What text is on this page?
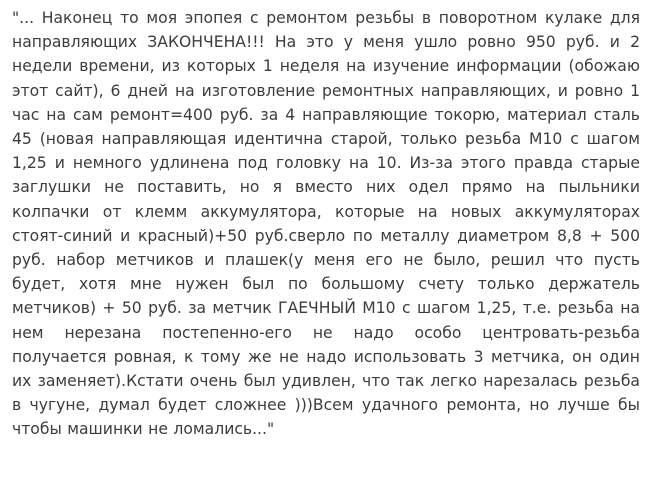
"... Наконец то моя эпопея с ремонтом резьбы в поворотном кулаке для направляющих ЗАКОНЧЕНА!!! На это у меня ушло ровно 950 руб. и 2 недели времени, из которых 1 неделя на изучение информации (обожаю этот сайт), 6 дней на изготовление ремонтных направляющих, и ровно 1 час на сам ремонт=400 руб. за 4 направляющие токорю, материал сталь 45 (новая направляющая идентична старой, только резьба М10 с шагом 1,25 и немного удлинена под головку на 10. Из-за этого правда старые заглушки не поставить, но я вместо них одел прямо на пыльники колпачки от клемм аккумулятора, которые на новых аккумуляторах стоят-синий и красный)+50 руб.сверло по металлу диаметром 8,8 + 500 руб. набор метчиков и плашек(у меня его не было, решил что пусть будет, хотя мне нужен был по большому счету только держатель метчиков) + 50 руб. за метчик ГАЕЧНЫЙ М10 с шагом 1,25, т.е. резьба на нем нерезана постепенно-его не надо особо центровать-резьба получается ровная, к тому же не надо использовать 3 метчика, он один их заменяет).Кстати очень был удивлен, что так легко нарезалась резьба в чугуне, думал будет сложнее )))Всем удачного ремонта, но лучше бы чтобы машинки не ломались..."
